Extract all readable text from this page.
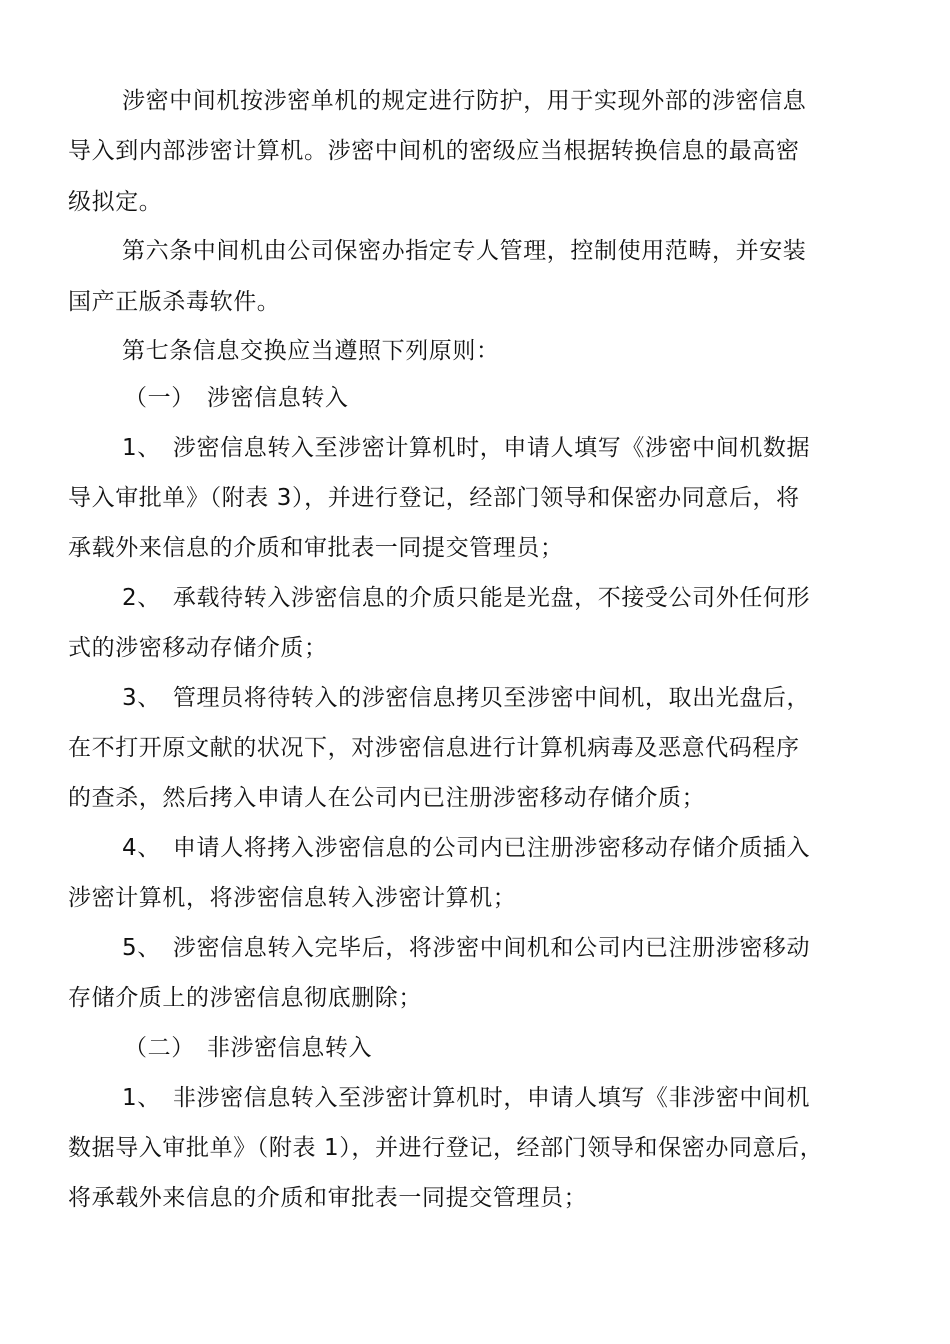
涉密中间机按涉密单机的规定进行防护，用于实现外部的涉密信息
导入到内部涉密计算机。涉密中间机的密级应当根据转换信息的最高密
级拟定。
第六条中间机由公司保密办指定专人管理，控制使用范畴，并安装
国产正版杀毒软件。
第七条信息交换应当遵照下列原则：
（一）　涉密信息转入
1、　涉密信息转入至涉密计算机时，申请人填写《涉密中间机数据
导入审批单》（附表 3），并进行登记，经部门领导和保密办同意后，将
承载外来信息的介质和审批表一同提交管理员；
2、　承载待转入涉密信息的介质只能是光盘，不接受公司外任何形
式的涉密移动存储介质；
3、　管理员将待转入的涉密信息拷贝至涉密中间机，取出光盘后，
在不打开原文献的状况下，对涉密信息进行计算机病毒及恶意代码程序
的查杀，然后拷入申请人在公司内已注册涉密移动存储介质；
4、　申请人将拷入涉密信息的公司内已注册涉密移动存储介质插入
涉密计算机，将涉密信息转入涉密计算机；
5、　涉密信息转入完毕后，将涉密中间机和公司内已注册涉密移动
存储介质上的涉密信息彻底删除；
（二）　非涉密信息转入
1、　非涉密信息转入至涉密计算机时，申请人填写《非涉密中间机
数据导入审批单》（附表 1），并进行登记，经部门领导和保密办同意后，
将承载外来信息的介质和审批表一同提交管理员；
